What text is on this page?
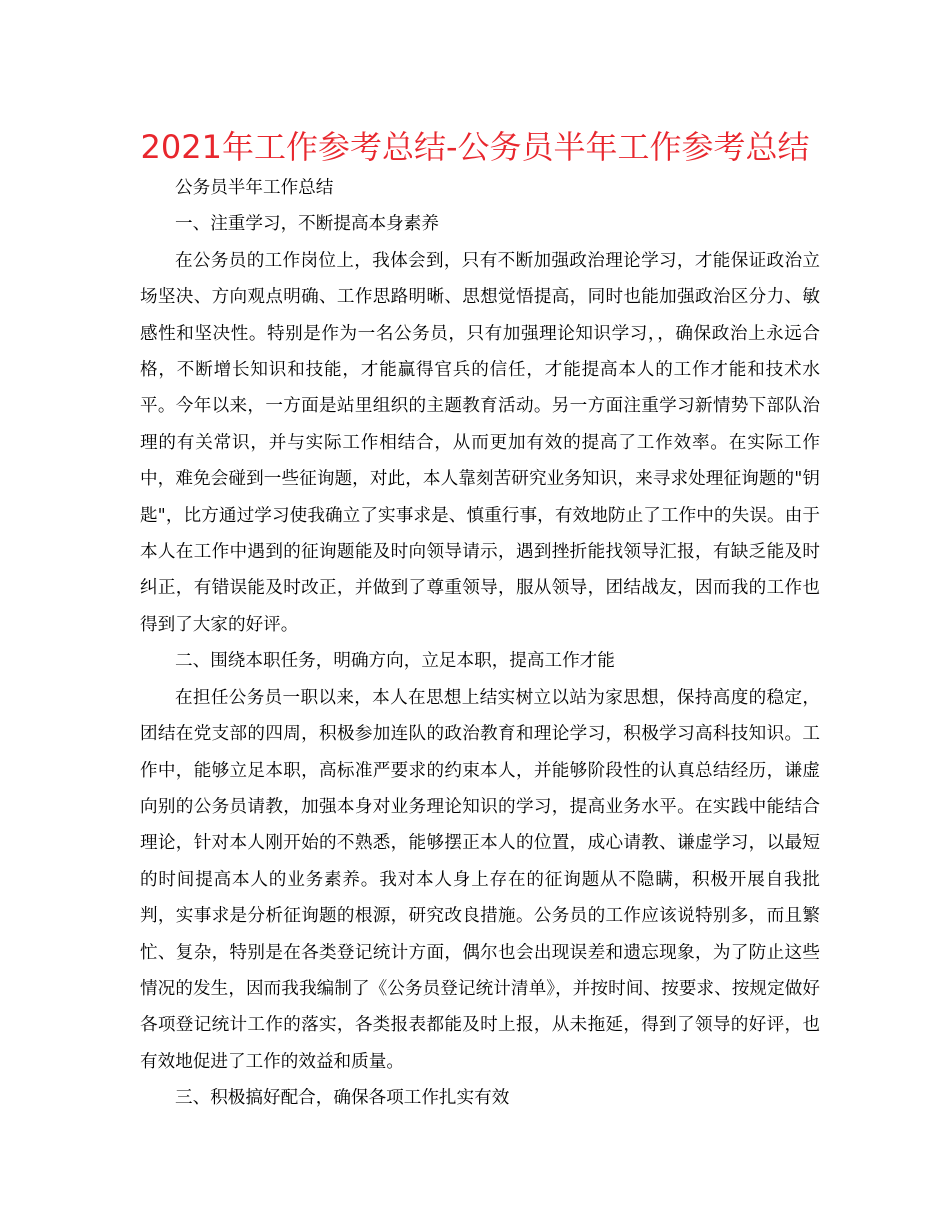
2021年工作参考总结-公务员半年工作参考总结

公务员半年工作总结

一、注重学习，不断提高本身素养

在公务员的工作岗位上，我体会到，只有不断加强政治理论学习，才能保证政治立场坚决、方向观点明确、工作思路明晰、思想觉悟提高，同时也能加强政治区分力、敏感性和坚决性。特别是作为一名公务员，只有加强理论知识学习，，确保政治上永远合格，不断增长知识和技能，才能赢得官兵的信任，才能提高本人的工作才能和技术水平。今年以来，一方面是站里组织的主题教育活动。另一方面注重学习新情势下部队治理的有关常识，并与实际工作相结合，从而更加有效的提高了工作效率。在实际工作中，难免会碰到一些征询题，对此，本人靠刻苦研究业务知识，来寻求处理征询题的"钥匙"，比方通过学习使我确立了实事求是、慎重行事，有效地防止了工作中的失误。由于本人在工作中遇到的征询题能及时向领导请示，遇到挫折能找领导汇报，有缺乏能及时纠正，有错误能及时改正，并做到了尊重领导，服从领导，团结战友，因而我的工作也得到了大家的好评。

二、围绕本职任务，明确方向，立足本职，提高工作才能

在担任公务员一职以来，本人在思想上结实树立以站为家思想，保持高度的稳定，团结在党支部的四周，积极参加连队的政治教育和理论学习，积极学习高科技知识。工作中，能够立足本职，高标准严要求的约束本人，并能够阶段性的认真总结经历，谦虚向别的公务员请教，加强本身对业务理论知识的学习，提高业务水平。在实践中能结合理论，针对本人刚开始的不熟悉，能够摆正本人的位置，成心请教、谦虚学习，以最短的时间提高本人的业务素养。我对本人身上存在的征询题从不隐瞒，积极开展自我批判，实事求是分析征询题的根源，研究改良措施。公务员的工作应该说特别多，而且繁忙、复杂，特别是在各类登记统计方面，偶尔也会出现误差和遗忘现象，为了防止这些情况的发生，因而我我编制了《公务员登记统计清单》，并按时间、按要求、按规定做好各项登记统计工作的落实，各类报表都能及时上报，从未拖延，得到了领导的好评，也有效地促进了工作的效益和质量。

三、积极搞好配合，确保各项工作扎实有效
